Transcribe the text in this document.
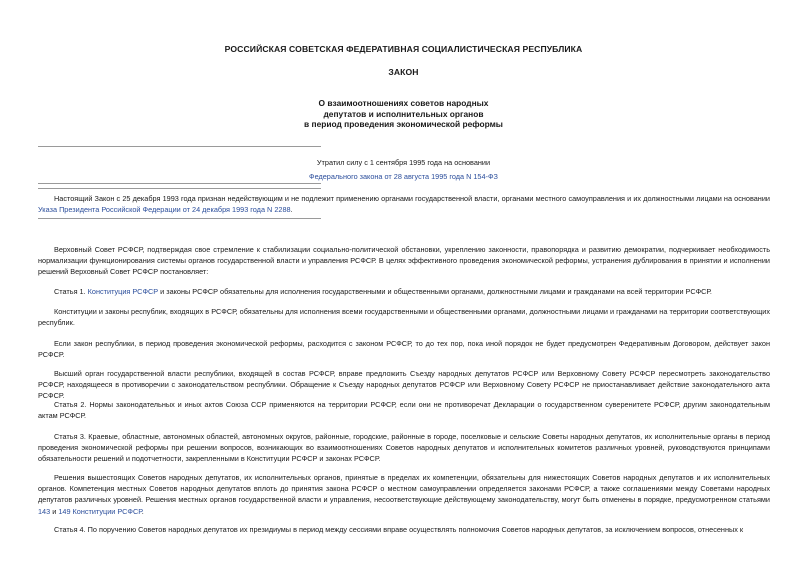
РОССИЙСКАЯ СОВЕТСКАЯ ФЕДЕРАТИВНАЯ СОЦИАЛИСТИЧЕСКАЯ РЕСПУБЛИКА
ЗАКОН
О взаимоотношениях советов народных
депутатов и исполнительных органов
в период проведения экономической реформы
Утратил силу с 1 сентября 1995 года на основании
Федерального закона от 28 августа 1995 года N 154-ФЗ
Настоящий Закон с 25 декабря 1993 года признан недействующим и не подлежит применению органами государственной власти, органами местного самоуправления и их должностными лицами на основании Указа Президента Российской Федерации от 24 декабря 1993 года N 2288.
Верховный Совет РСФСР, подтверждая свое стремление к стабилизации социально-политической обстановки, укреплению законности, правопорядка и развитию демократии, подчеркивает необходимость нормализации функционирования системы органов государственной власти и управления РСФСР. В целях эффективного проведения экономической реформы, устранения дублирования в принятии и исполнении решений Верховный Совет РСФСР постановляет:
Статья 1. Конституция РСФСР и законы РСФСР обязательны для исполнения государственными и общественными органами, должностными лицами и гражданами на всей территории РСФСР.
Конституции и законы республик, входящих в РСФСР, обязательны для исполнения всеми государственными и общественными органами, должностными лицами и гражданами на территории соответствующих республик.
Если закон республики, в период проведения экономической реформы, расходится с законом РСФСР, то до тех пор, пока иной порядок не будет предусмотрен Федеративным Договором, действует закон РСФСР.
Высший орган государственной власти республики, входящей в состав РСФСР, вправе предложить Съезду народных депутатов РСФСР или Верховному Совету РСФСР пересмотреть законодательство РСФСР, находящееся в противоречии с законодательством республики. Обращение к Съезду народных депутатов РСФСР или Верховному Совету РСФСР не приостанавливает действие законодательного акта РСФСР.
Статья 2. Нормы законодательных и иных актов Союза ССР применяются на территории РСФСР, если они не противоречат Декларации о государственном суверенитете РСФСР, другим законодательным актам РСФСР.
Статья 3. Краевые, областные, автономных областей, автономных округов, районные, городские, районные в городе, поселковые и сельские Советы народных депутатов, их исполнительные органы в период проведения экономической реформы при решении вопросов, возникающих во взаимоотношениях Советов народных депутатов и исполнительных комитетов различных уровней, руководствуются принципами обязательности решений и подотчетности, закрепленными в Конституции РСФСР и законах РСФСР.
Решения вышестоящих Советов народных депутатов, их исполнительных органов, принятые в пределах их компетенции, обязательны для нижестоящих Советов народных депутатов и их исполнительных органов. Компетенция местных Советов народных депутатов вплоть до принятия закона РСФСР о местном самоуправлении определяется законами РСФСР, а также соглашениями между Советами народных депутатов различных уровней. Решения местных органов государственной власти и управления, несоответствующие действующему законодательству, могут быть отменены в порядке, предусмотренном статьями 143 и 149 Конституции РСФСР.
Статья 4. По поручению Советов народных депутатов их президиумы в период между сессиями вправе осуществлять полномочия Советов народных депутатов, за исключением вопросов, отнесенных к
